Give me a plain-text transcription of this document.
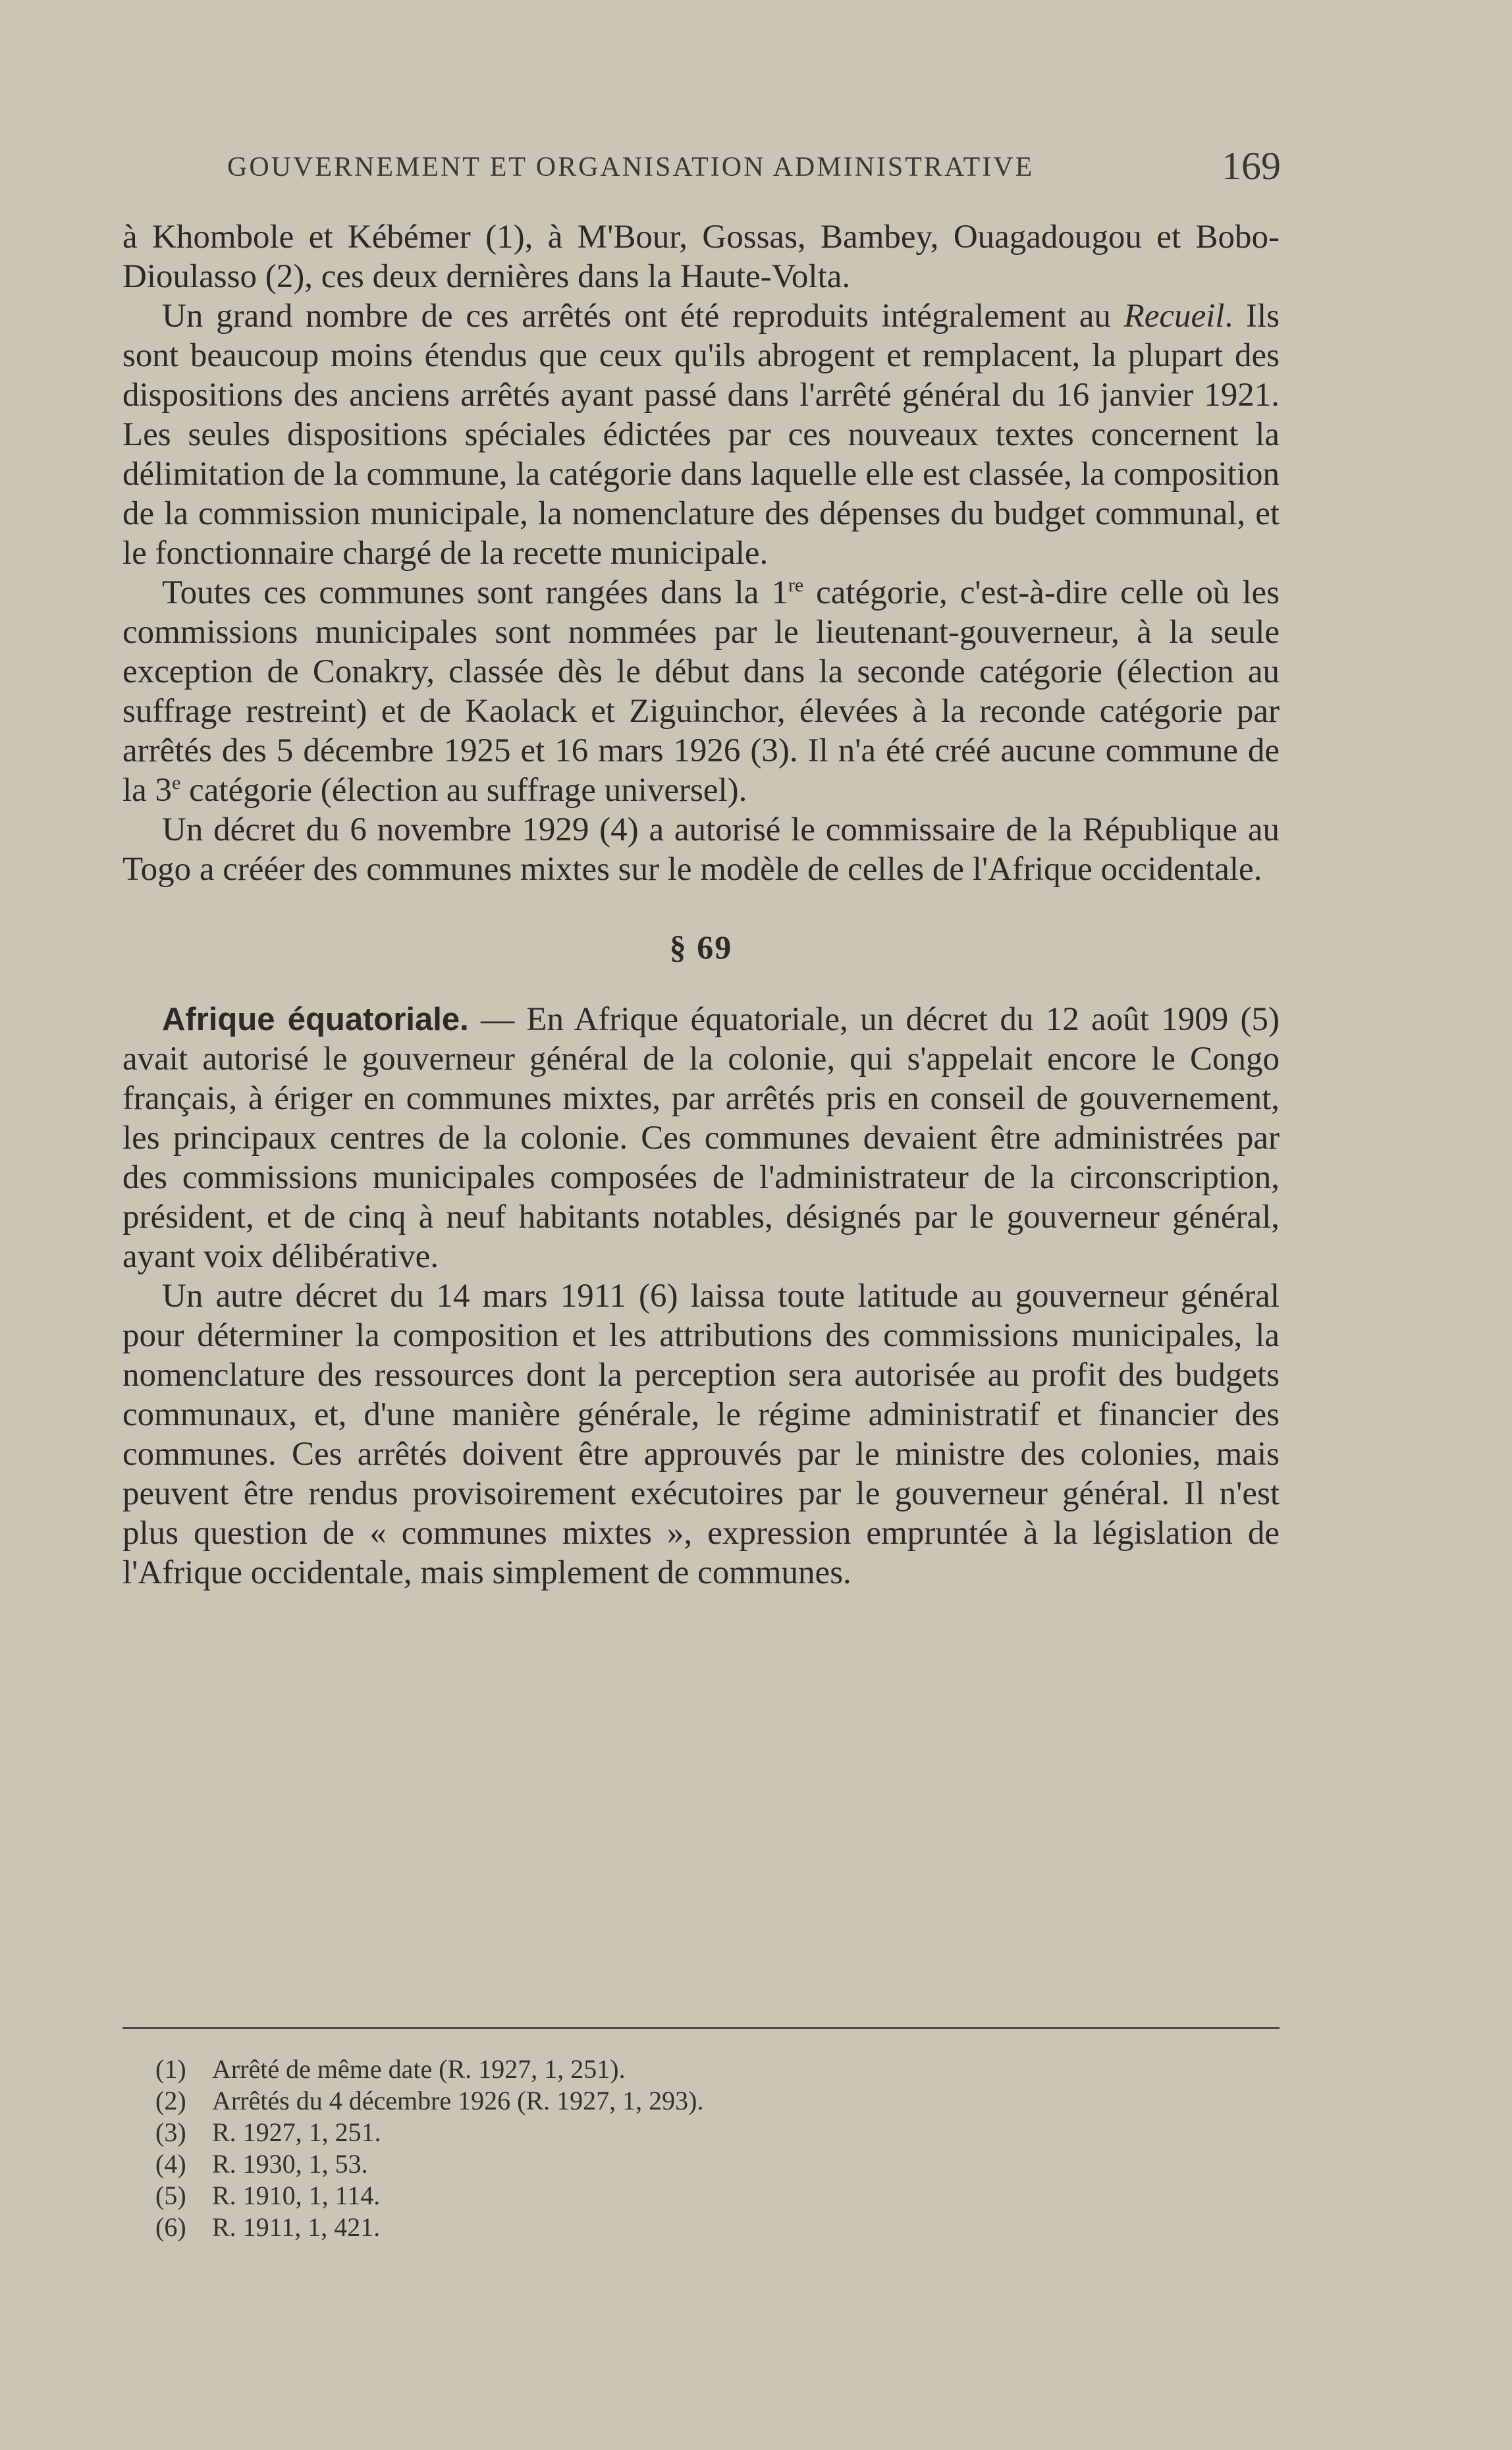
GOUVERNEMENT ET ORGANISATION ADMINISTRATIVE	169

à Khombole et Kébémer (1), à M'Bour, Gossas, Bambey, Ouagadougou et Bobo-Dioulasso (2), ces deux dernières dans la Haute-Volta.

Un grand nombre de ces arrêtés ont été reproduits intégralement au Recueil. Ils sont beaucoup moins étendus que ceux qu'ils abrogent et remplacent, la plupart des dispositions des anciens arrêtés ayant passé dans l'arrêté général du 16 janvier 1921. Les seules dispositions spéciales édictées par ces nouveaux textes concernent la délimitation de la commune, la catégorie dans laquelle elle est classée, la composition de la commission municipale, la nomenclature des dépenses du budget communal, et le fonctionnaire chargé de la recette municipale.

Toutes ces communes sont rangées dans la 1re catégorie, c'est-à-dire celle où les commissions municipales sont nommées par le lieutenant-gouverneur, à la seule exception de Conakry, classée dès le début dans la seconde catégorie (élection au suffrage restreint) et de Kaolack et Ziguinchor, élevées à la reconde catégorie par arrêtés des 5 décembre 1925 et 16 mars 1926 (3). Il n'a été créé aucune commune de la 3e catégorie (élection au suffrage universel).

Un décret du 6 novembre 1929 (4) a autorisé le commissaire de la République au Togo a crééer des communes mixtes sur le modèle de celles de l'Afrique occidentale.

§ 69

Afrique équatoriale. — En Afrique équatoriale, un décret du 12 août 1909 (5) avait autorisé le gouverneur général de la colonie, qui s'appelait encore le Congo français, à ériger en communes mixtes, par arrêtés pris en conseil de gouvernement, les principaux centres de la colonie. Ces communes devaient être administrées par des commissions municipales composées de l'administrateur de la circonscription, président, et de cinq à neuf habitants notables, désignés par le gouverneur général, ayant voix délibérative.

Un autre décret du 14 mars 1911 (6) laissa toute latitude au gouverneur général pour déterminer la composition et les attributions des commissions municipales, la nomenclature des ressources dont la perception sera autorisée au profit des budgets communaux, et, d'une manière générale, le régime administratif et financier des communes. Ces arrêtés doivent être approuvés par le ministre des colonies, mais peuvent être rendus provisoirement exécutoires par le gouverneur général. Il n'est plus question de « communes mixtes », expression empruntée à la législation de l'Afrique occidentale, mais simplement de communes.

(1) Arrêté de même date (R. 1927, 1, 251).
(2) Arrêtés du 4 décembre 1926 (R. 1927, 1, 293).
(3) R. 1927, 1, 251.
(4) R. 1930, 1, 53.
(5) R. 1910, 1, 114.
(6) R. 1911, 1, 421.
